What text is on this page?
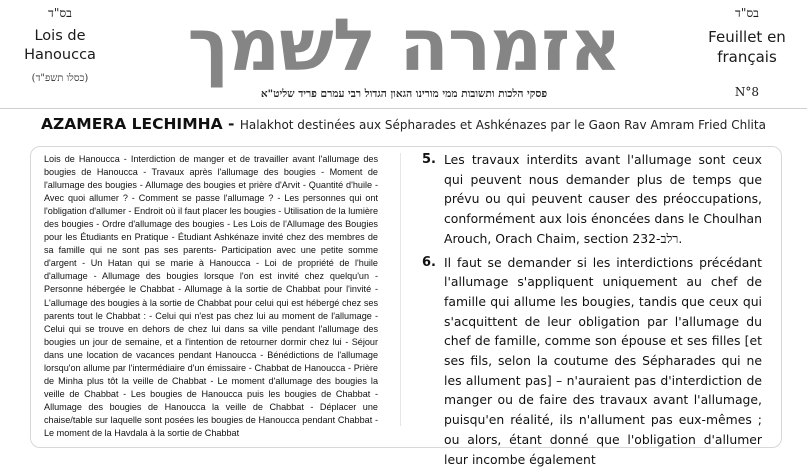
בס"ד
Lois de
Hanoucca
(כסלו תשפ"ד)	אזמרה לשמך
פסקי הלכות ותשובות ממי מורינו הגאון הגדול רבי עמרם פריד שליט"א
בס"ד
Feuillet en
français
N°8
AZAMERA LECHIMHA - Halakhot destinées aux Sépharades et Ashkénazes par le Gaon Rav Amram Fried Chlita
Lois de Hanoucca - Interdiction de manger et de travailler avant l'allumage des bougies de Hanoucca - Travaux après l'allumage des bougies - Moment de l'allumage des bougies - Allumage des bougies et prière d'Arvit - Quantité d'huile - Avec quoi allumer ? - Comment se passe l'allumage ? - Les personnes qui ont l'obligation d'allumer - Endroit où il faut placer les bougies - Utilisation de la lumière des bougies - Ordre d'allumage des bougies - Les Lois de l'Allumage des Bougies pour les Étudiants en Pratique - Étudiant Ashkénaze invité chez des membres de sa famille qui ne sont pas ses parents- Participation avec une petite somme d'argent - Un Hatan qui se marie à Hanoucca - Loi de propriété de l'huile d'allumage - Allumage des bougies lorsque l'on est invité chez quelqu'un - Personne hébergée le Chabbat - Allumage à la sortie de Chabbat pour l'invité - L'allumage des bougies à la sortie de Chabbat pour celui qui est hébergé chez ses parents tout le Chabbat : - Celui qui n'est pas chez lui au moment de l'allumage - Celui qui se trouve en dehors de chez lui dans sa ville pendant l'allumage des bougies un jour de semaine, et a l'intention de retourner dormir chez lui - Séjour dans une location de vacances pendant Hanoucca - Bénédictions de l'allumage lorsqu'on allume par l'intermédiaire d'un émissaire - Chabbat de Hanoucca - Prière de Minha plus tôt la veille de Chabbat - Le moment d'allumage des bougies la veille de Chabbat - Les bougies de Hanoucca puis les bougies de Chabbat - Allumage des bougies de Hanoucca la veille de Chabbat - Déplacer une chaise/table sur laquelle sont posées les bougies de Hanoucca pendant Chabbat - Le moment de la Havdala à la sortie de Chabbat
5. Les travaux interdits avant l'allumage sont ceux qui peuvent nous demander plus de temps que prévu ou qui peuvent causer des préoccupations, conformément aux lois énoncées dans le Choulhan Arouch, Orach Chaim, section 232-רלב.
6. Il faut se demander si les interdictions précédant l'allumage s'appliquent uniquement au chef de famille qui allume les bougies, tandis que ceux qui s'acquittent de leur obligation par l'allumage du chef de famille, comme son épouse et ses filles [et ses fils, selon la coutume des Sépharades qui ne les allument pas] – n'auraient pas d'interdiction de manger ou de faire des travaux avant l'allumage, puisqu'en réalité, ils n'allument pas eux-mêmes ; ou alors, étant donné que l'obligation d'allumer leur incombe également
